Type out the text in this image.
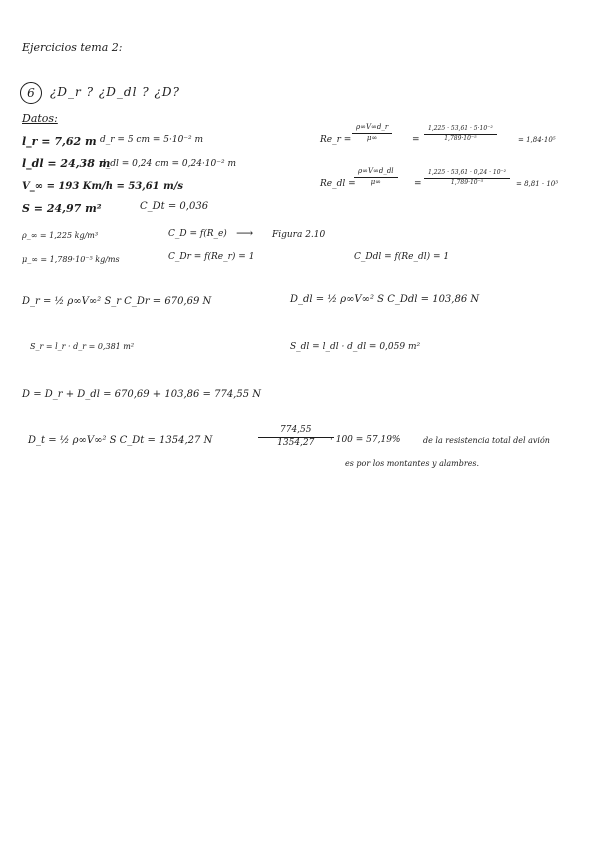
Ejercicios tema 2:
6 ¿D_r ? ¿D_dl ? ¿D?
Datos:
l_r = 7,62 m d_r = 5 cm = 5·10⁻² m
l_dl = 24,38 m
d_dl = 0,24 cm = 0,24·10⁻² m
V_∞ = 193 Km/h = 53,61 m/s
S = 24,97 m²	C_Dt = 0,036
ρ_∞ = 1,225 kg/m³
μ_∞ = 1,789·10⁻⁵ kg/ms
C_D = f(R_e) ⟶ Figura 2.10
C_Dr = f(Re_r) = 1	C_Ddl = f(Re_dl) = 1
Re_r = $\frac{\rho\infty V\infty d\_r}{\mu\infty} = \frac{\text{1,225 · 53,61 · 5·10⁻²}}{\text{1,789·10⁻⁵}}$	= 1,84·10⁵
Re_dl =
$\frac{\rho\infty V\infty d\_dl}{\mu\infty} = \frac{\text{1,225 · 53,61 · 0,24 · 10⁻²}}{\text{1,789·10⁻⁵}} = 8,81 \cdot 10^3$
D_r = ½ ρ∞V∞² S_r C_Dr = 670,69 N	D_dl = ½ ρ∞V∞² S C_Ddl = 103,86 N
S_r = l_r · d_r = 0,381 m²	S_dl = l_dl · d_dl = 0,059 m²
D = D_r + D_dl = 670,69 + 103,86 = 774,55 N
D_t = ½ ρ∞V∞² S C_Dt = 1354,27 N	$\frac{774,55}{1354,27}$
· 100 = 57,19%	de la resistencia total del avión
es por los montantes y alambres.
